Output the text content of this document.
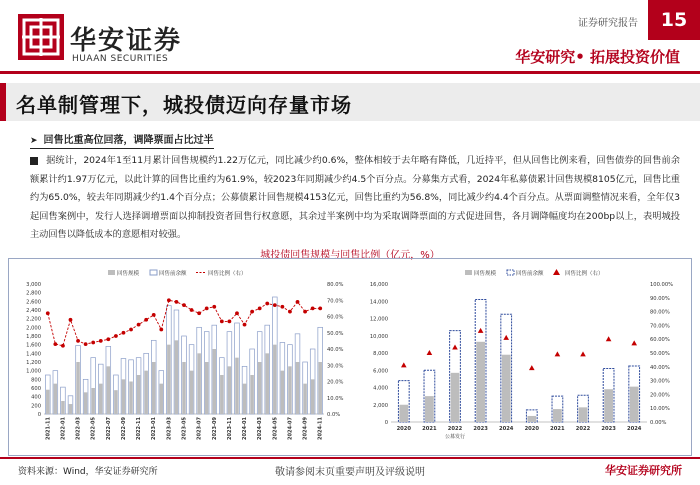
华安证券
HUAAN SECURITIES
证券研究报告	15
华安研究• 拓展投资价值
名单制管理下，城投债迈向存量市场
➤ 回售比重高位回落，调降票面占比过半
据统计，2024年1至11月累计回售规模约1.22万亿元，同比减少约0.6%，整体相较于去年略有降低，几近持平，但从回售比例来看，回售债券的回售前余额累计约1.97万亿元，以此计算的回售比重约为61.9%，较2023年同期减少约4.5个百分点。分募集方式看，2024年私募债累计回售规模8105亿元，回售比重约为65.0%，较去年同期减少约1.4个百分点；公募债累计回售规模4153亿元，回售比重约为56.8%，同比减少约4.4个百分点。从票面调整情况来看，全年仅3起回售案例中，发行人选择调增票面以抑制投资者回售行权意愿，其余过半案例中均为采取调降票面的方式促进回售，各月调降幅度均在200bp以上，表明城投主动回售以降低成本的意愿相对较强。
城投债回售规模与回售比例（亿元，%）
回售规模	回售前余额	回售比例（右）
0
200
400
600
800
1,000
1,200
1,400
1,600
1,800
2,000
2,200
2,400
2,600
2,800
3,000
0.0%
10.0%
20.0%
30.0%
40.0%
50.0%
60.0%
70.0%
80.0%
2021-11 2022-01 2022-03 2022-05 2022-07 2022-09 2022-11 2023-01 2023-03 2023-05 2023-07 2023-09 2023-11 2024-01 2024-03 2024-05 2024-07 2024-09 2024-11
回售规模	回售前余额	回售比例（右）
0
2,000
4,000
6,000
8,000
10,000
12,000
14,000
16,000
0.00%
10.00%
20.00%
30.00%
40.00%
50.00%
60.00%
70.00%
80.00%
90.00%
100.00%
2020 2021 2022 2023 2024 2020 2021 2022 2023 2024
公募发行
资料来源：Wind，华安证券研究所	敬请参阅末页重要声明及评级说明	华安证券研究所
